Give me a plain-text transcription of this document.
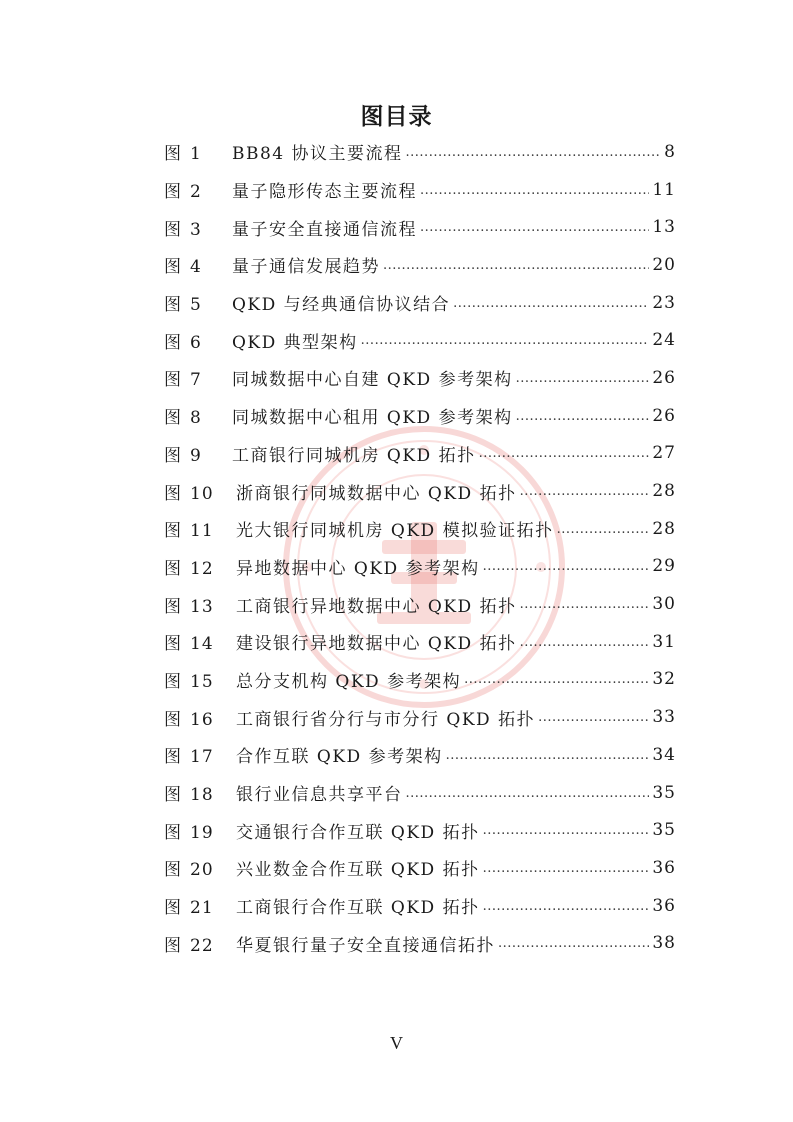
图目录
图 1	BB84 协议主要流程 .....	8
图 2	量子隐形传态主要流程 .....	11
图 3	量子安全直接通信流程 .....	13
图 4	量子通信发展趋势 .....	20
图 5	QKD 与经典通信协议结合 .....	23
图 6	QKD 典型架构 .....	24
图 7	同城数据中心自建 QKD 参考架构 .....	26
图 8	同城数据中心租用 QKD 参考架构 .....	26
图 9	工商银行同城机房 QKD 拓扑 .....	27
图 10	浙商银行同城数据中心 QKD 拓扑 .....	28
图 11	光大银行同城机房 QKD 模拟验证拓扑 .....	28
图 12	异地数据中心 QKD 参考架构 .....	29
图 13	工商银行异地数据中心 QKD 拓扑 .....	30
图 14	建设银行异地数据中心 QKD 拓扑 .....	31
图 15	总分支机构 QKD 参考架构 .....	32
图 16	工商银行省分行与市分行 QKD 拓扑 .....	33
图 17	合作互联 QKD 参考架构 .....	34
图 18	银行业信息共享平台 .....	35
图 19	交通银行合作互联 QKD 拓扑 .....	35
图 20	兴业数金合作互联 QKD 拓扑 .....	36
图 21	工商银行合作互联 QKD 拓扑 .....	36
图 22	华夏银行量子安全直接通信拓扑 .....	38
V
